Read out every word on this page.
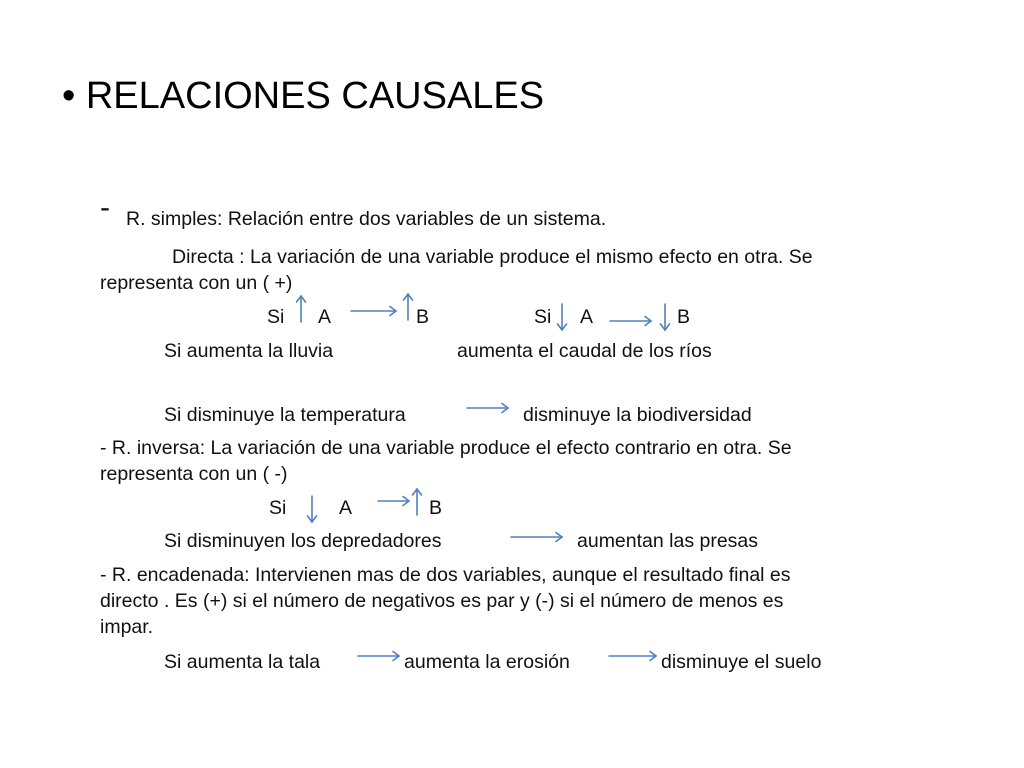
• RELACIONES CAUSALES
- R. simples: Relación entre dos variables de un sistema.
Directa : La variación de una variable produce el mismo efecto en otra. Se
representa con un ( +)
Si A	B	Si A	B
Si aumenta la lluvia	aumenta el caudal de los ríos
Si disminuye la temperatura	disminuye la biodiversidad
- R. inversa: La variación de una variable produce el efecto contrario en otra. Se
representa con un ( -)
Si	A	B
Si disminuyen los depredadores	aumentan las presas
- R. encadenada: Intervienen mas de dos variables, aunque el resultado final es
directo . Es (+) si el número de negativos es par y (-) si el número de menos es
impar.
Si aumenta la tala	aumenta la erosión	disminuye el suelo
